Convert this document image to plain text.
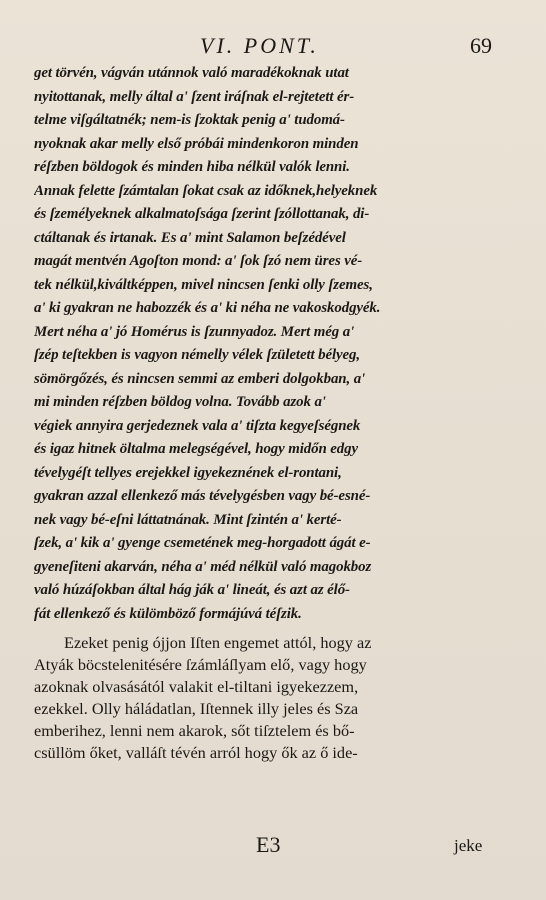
VI. PONT.	69
get törvén, vágván utánnok való maradékoknak utat
nyitottanak, melly által a' ſzent iráſnak el-rejtetett ér-
telme viſgáltatnék; nem-is ſzoktak penig a' tudomá-
nyoknak akar melly első próbái mindenkoron minden
réſzben böldogok és minden hiba nélkül valók lenni.
Annak felette ſzámtalan ſokat csak az időknek,helyeknek
és ſzemélyeknek alkalmatoſsága ſzerint ſzóllottanak, di-
ctáltanak és irtanak. Es a' mint Salamon beſzédével
magát mentvén Agoſton mond: a' ſok ſzó nem üres vé-
tek nélkül,kiváltképpen, mivel nincsen ſenki olly ſzemes,
a' ki gyakran ne habozzék és a' ki néha ne vakoskodgyék.
Mert néha a' jó Homérus is ſzunnyadoz. Mert még a'
ſzép teſtekben is vagyon némelly vélek ſzületett bélyeg,
sömörgőzés, és nincsen semmi az emberi dolgokban, a'
mi minden réſzben böldog volna. Tovább azok a'
végiek annyira gerjedeznek vala a' tiſzta kegyeſségnek
és igaz hitnek öltalma melegségével, hogy midőn edgy
tévelygéſt tellyes erejekkel igyekeznének el-rontani,
gyakran azzal ellenkező más tévelygésben vagy bé-esné-
nek vagy bé-eſni láttatnának. Mint ſzintén a' kerté-
ſzek, a' kik a' gyenge csemetének meg-horgadott ágát e-
gyeneſiteni akarván, néha a' méd nélkül való magokboz
való húzáſokban által hág ják a' lineát, és azt az élő-
fát ellenkező és külömböző formájúvá téſzik.
Ezeket penig ójjon Iſten engemet attól, hogy az
Atyák böcstelenitésére ſzámláſlyam elő, vagy hogy
azoknak olvasásától valakit el-tiltani igyekezzem,
ezekkel. Olly háládatlan, Iſtennek illy jeles és Sza
emberihez, lenni nem akarok, sőt tiſztelem és bő-
csüllöm őket, valláſt tévén arról hogy ők az ő ide-
E3	jeke
